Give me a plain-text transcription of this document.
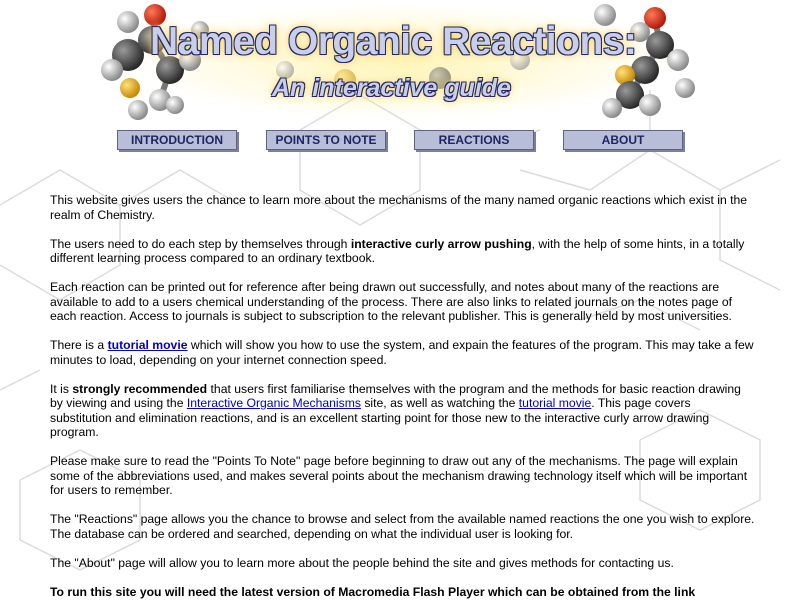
Named Organic Reactions:
An interactive guide
INTRODUCTION	POINTS TO NOTE	REACTIONS	ABOUT

This website gives users the chance to learn more about the mechanisms of the many named organic reactions which exist in the realm of Chemistry.

The users need to do each step by themselves through interactive curly arrow pushing, with the help of some hints, in a totally different learning process compared to an ordinary textbook.

Each reaction can be printed out for reference after being drawn out successfully, and notes about many of the reactions are available to add to a users chemical understanding of the process. There are also links to related journals on the notes page of each reaction. Access to journals is subject to subscription to the relevant publisher. This is generally held by most universities.

There is a tutorial movie which will show you how to use the system, and expain the features of the program. This may take a few minutes to load, depending on your internet connection speed.

It is strongly recommended that users first familiarise themselves with the program and the methods for basic reaction drawing by viewing and using the Interactive Organic Mechanisms site, as well as watching the tutorial movie. This page covers substitution and elimination reactions, and is an excellent starting point for those new to the interactive curly arrow drawing program.

Please make sure to read the "Points To Note" page before beginning to draw out any of the mechanisms. The page will explain some of the abbreviations used, and makes several points about the mechanism drawing technology itself which will be important for users to remember.

The "Reactions" page allows you the chance to browse and select from the available named reactions the one you wish to explore. The database can be ordered and searched, depending on what the individual user is looking for.

The "About" page will allow you to learn more about the people behind the site and gives methods for contacting us.

To run this site you will need the latest version of Macromedia Flash Player which can be obtained from the link
